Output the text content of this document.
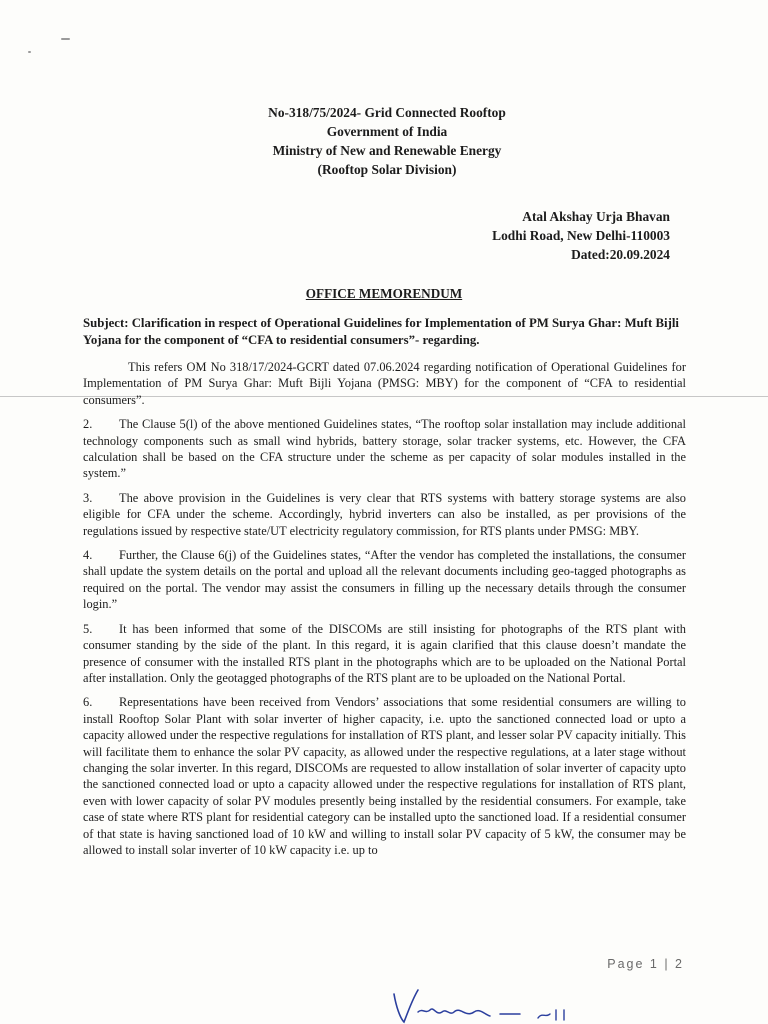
No-318/75/2024- Grid Connected Rooftop
Government of India
Ministry of New and Renewable Energy
(Rooftop Solar Division)
Atal Akshay Urja Bhavan
Lodhi Road, New Delhi-110003
Dated:20.09.2024
OFFICE MEMORENDUM
Subject: Clarification in respect of Operational Guidelines for Implementation of PM Surya Ghar: Muft Bijli Yojana for the component of “CFA to residential consumers”- regarding.

This refers OM No 318/17/2024-GCRT dated 07.06.2024 regarding notification of Operational Guidelines for Implementation of PM Surya Ghar: Muft Bijli Yojana (PMSG: MBY) for the component of “CFA to residential consumers”.

2. The Clause 5(l) of the above mentioned Guidelines states, “The rooftop solar installation may include additional technology components such as small wind hybrids, battery storage, solar tracker systems, etc. However, the CFA calculation shall be based on the CFA structure under the scheme as per capacity of solar modules installed in the system.”

3. The above provision in the Guidelines is very clear that RTS systems with battery storage systems are also eligible for CFA under the scheme. Accordingly, hybrid inverters can also be installed, as per provisions of the regulations issued by respective state/UT electricity regulatory commission, for RTS plants under PMSG: MBY.

4. Further, the Clause 6(j) of the Guidelines states, “After the vendor has completed the installations, the consumer shall update the system details on the portal and upload all the relevant documents including geo-tagged photographs as required on the portal. The vendor may assist the consumers in filling up the necessary details through the consumer login.”

5. It has been informed that some of the DISCOMs are still insisting for photographs of the RTS plant with consumer standing by the side of the plant. In this regard, it is again clarified that this clause doesn’t mandate the presence of consumer with the installed RTS plant in the photographs which are to be uploaded on the National Portal after installation. Only the geotagged photographs of the RTS plant are to be uploaded on the National Portal.

6. Representations have been received from Vendors’ associations that some residential consumers are willing to install Rooftop Solar Plant with solar inverter of higher capacity, i.e. upto the sanctioned connected load or upto a capacity allowed under the respective regulations for installation of RTS plant, and lesser solar PV capacity initially. This will facilitate them to enhance the solar PV capacity, as allowed under the respective regulations, at a later stage without changing the solar inverter. In this regard, DISCOMs are requested to allow installation of solar inverter of capacity upto the sanctioned connected load or upto a capacity allowed under the respective regulations for installation of RTS plant, even with lower capacity of solar PV modules presently being installed by the residential consumers. For example, take case of state where RTS plant for residential category can be installed upto the sanctioned load. If a residential consumer of that state is having sanctioned load of 10 kW and willing to install solar PV capacity of 5 kW, the consumer may be allowed to install solar inverter of 10 kW capacity i.e. up to

Page 1 | 2
